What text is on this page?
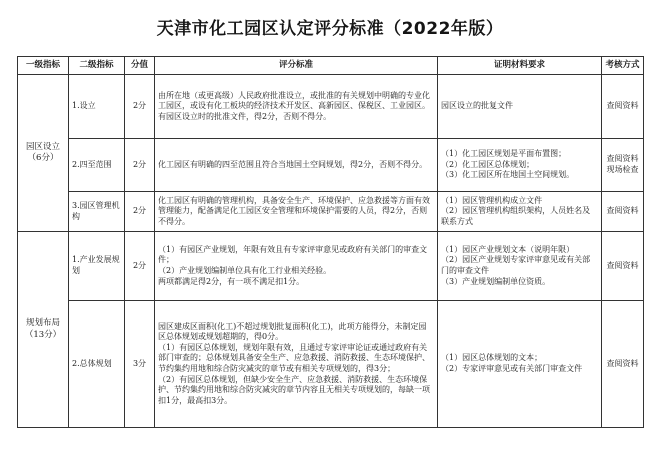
天津市化工园区认定评分标准（2022年版）
一级指标	二级指标	分值	评分标准	证明材料要求	考核方式
园区设立
（6分）	1.设立	2分	由所在地（或更高级）人民政府批准设立，或批准的有关规划中明确的专业化工园区，或设有化工板块的经济技术开发区、高新园区、保税区、工业园区。
有园区设立时的批准文件，得2分，否则不得分。	园区设立的批复文件	查阅资料
	2.四至范围	2分	化工园区有明确的四至范围且符合当地国土空间规划，得2分，否则不得分。	（1）化工园区规划是平面布置图；
（2）化工园区总体规划；
（3）化工园区所在地国土空间规划。	查阅资料
现场检查
	3.园区管理机构	2分	化工园区有明确的管理机构，具备安全生产、环境保护、应急救援等方面有效管理能力，配备满足化工园区安全管理和环境保护需要的人员，得2分，否则不得分。	（1）园区管理机构成立文件
（2）园区管理机构组织架构，人员姓名及联系方式	查阅资料
规划布局
（13分）	1.产业发展规划	2分	（1）有园区产业规划，年限有效且有专家评审意见或政府有关部门的审查文件；
（2）产业规划编制单位具有化工行业相关经验。
两项都满足得2分，有一项不满足扣1分。	（1）园区产业规划文本（说明年限）
（2）园区产业规划专家评审意见或有关部门的审查文件
（3）产业规划编制单位资质。	查阅资料
	2.总体规划	3分	园区建成区面积(化工)不超过规划批复面积(化工)，此项方能得分，未制定园区总体规划或规划超期的，得0分。
（1）有园区总体规划，规划年限有效，且通过专家评审论证或通过政府有关部门审查的；总体规划具备安全生产、应急救援、消防救援、生态环境保护、节约集约用地和综合防灾减灾的章节或有相关专项规划的，得3分；
（2）有园区总体规划，但缺少安全生产、应急救援、消防救援、生态环境保护、节约集约用地和综合防灾减灾的章节内容且无相关专项规划的，每缺一项扣1分，最高扣3分。	（1）园区总体规划的文本；
（2）专家评审意见或有关部门审查文件	查阅资料
